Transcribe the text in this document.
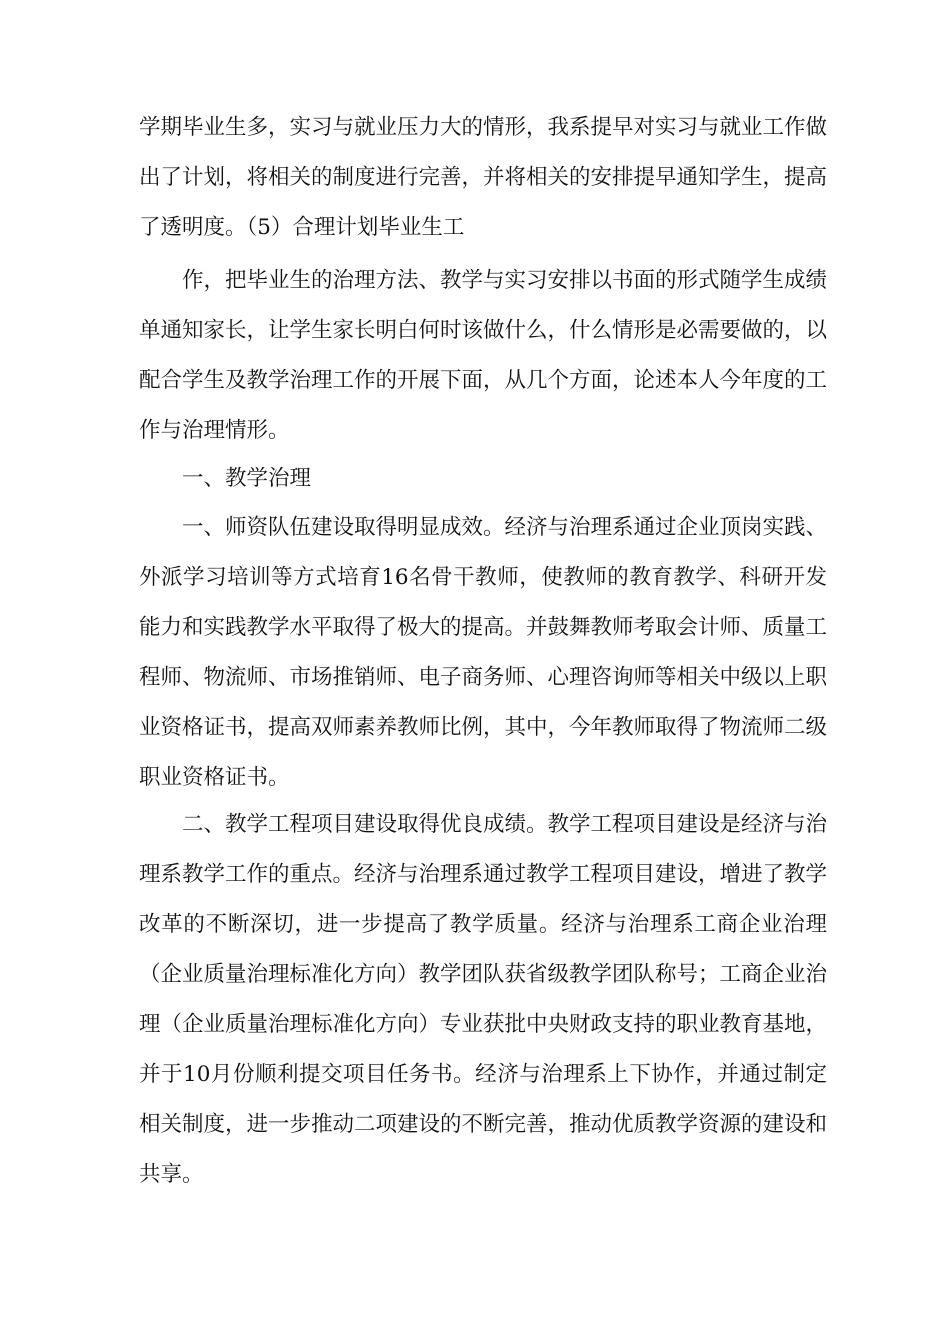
学期毕业生多，实习与就业压力大的情形，我系提早对实习与就业工作做出了计划，将相关的制度进行完善，并将相关的安排提早通知学生，提高了透明度。（5）合理计划毕业生工

作，把毕业生的治理方法、教学与实习安排以书面的形式随学生成绩单通知家长，让学生家长明白何时该做什么，什么情形是必需要做的，以配合学生及教学治理工作的开展下面，从几个方面，论述本人今年度的工作与治理情形。

一、教学治理

一、师资队伍建设取得明显成效。经济与治理系通过企业顶岗实践、外派学习培训等方式培育16名骨干教师，使教师的教育教学、科研开发能力和实践教学水平取得了极大的提高。并鼓舞教师考取会计师、质量工程师、物流师、市场推销师、电子商务师、心理咨询师等相关中级以上职业资格证书，提高双师素养教师比例，其中，今年教师取得了物流师二级职业资格证书。

二、教学工程项目建设取得优良成绩。教学工程项目建设是经济与治理系教学工作的重点。经济与治理系通过教学工程项目建设，增进了教学改革的不断深切，进一步提高了教学质量。经济与治理系工商企业治理（企业质量治理标准化方向）教学团队获省级教学团队称号；工商企业治理（企业质量治理标准化方向）专业获批中央财政支持的职业教育基地，并于10月份顺利提交项目任务书。经济与治理系上下协作，并通过制定相关制度，进一步推动二项建设的不断完善，推动优质教学资源的建设和共享。
